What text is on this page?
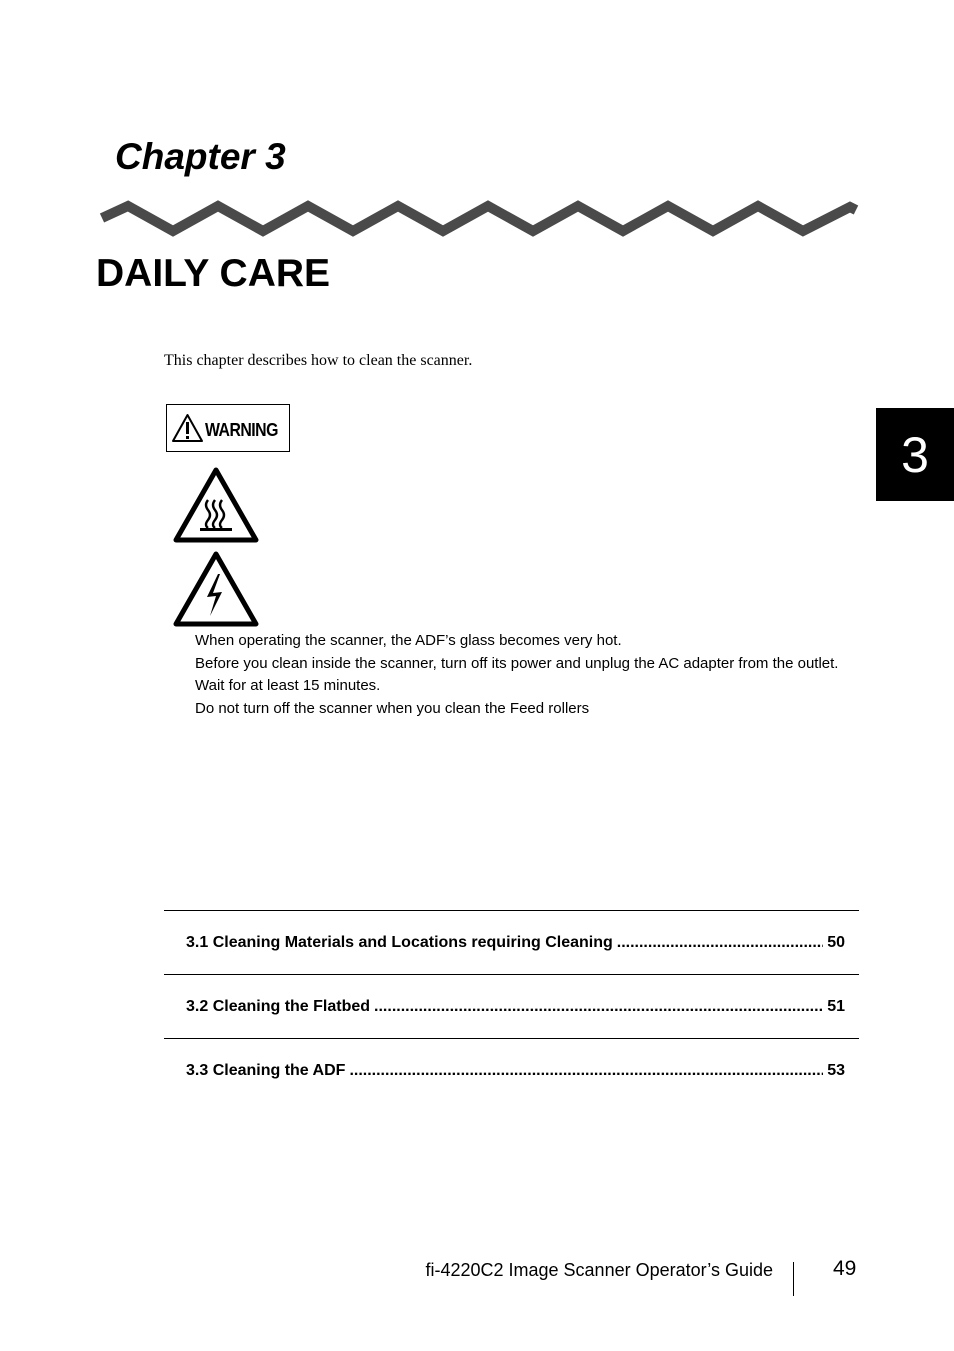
Chapter 3
DAILY CARE
3
This chapter describes how to clean the scanner.
WARNING

When operating the scanner, the ADF’s glass becomes very hot.

Before you clean inside the scanner, turn off its power and unplug the AC adapter from the outlet. Wait for at least 15 minutes.

Do not turn off the scanner when you clean the Feed rollers

3.1 Cleaning Materials and Locations requiring Cleaning .....	50
3.2 Cleaning the Flatbed .....	51
3.3 Cleaning the ADF .....	53
fi-4220C2 Image Scanner Operator’s Guide	49
